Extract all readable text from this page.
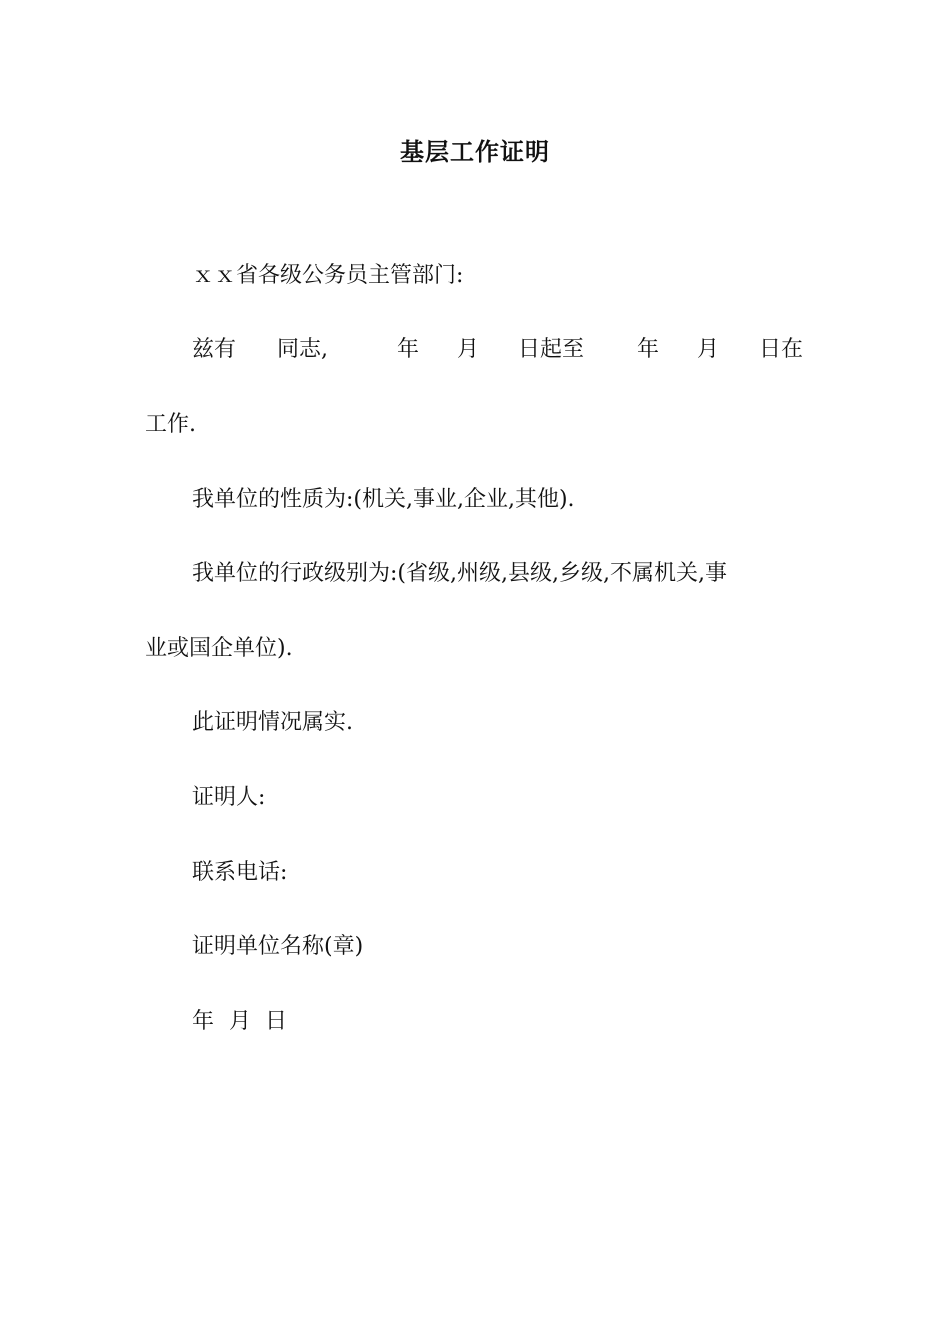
基层工作证明

ｘｘ省各级公务员主管部门:

兹有 同志,	年 月 日起至 年 月 日在

工作.

我单位的性质为:(机关,事业,企业,其他).

我单位的行政级别为:(省级,州级,县级,乡级,不属机关,事

业或国企单位).

此证明情况属实.

证明人:

联系电话:

证明单位名称(章)

年 月 日
